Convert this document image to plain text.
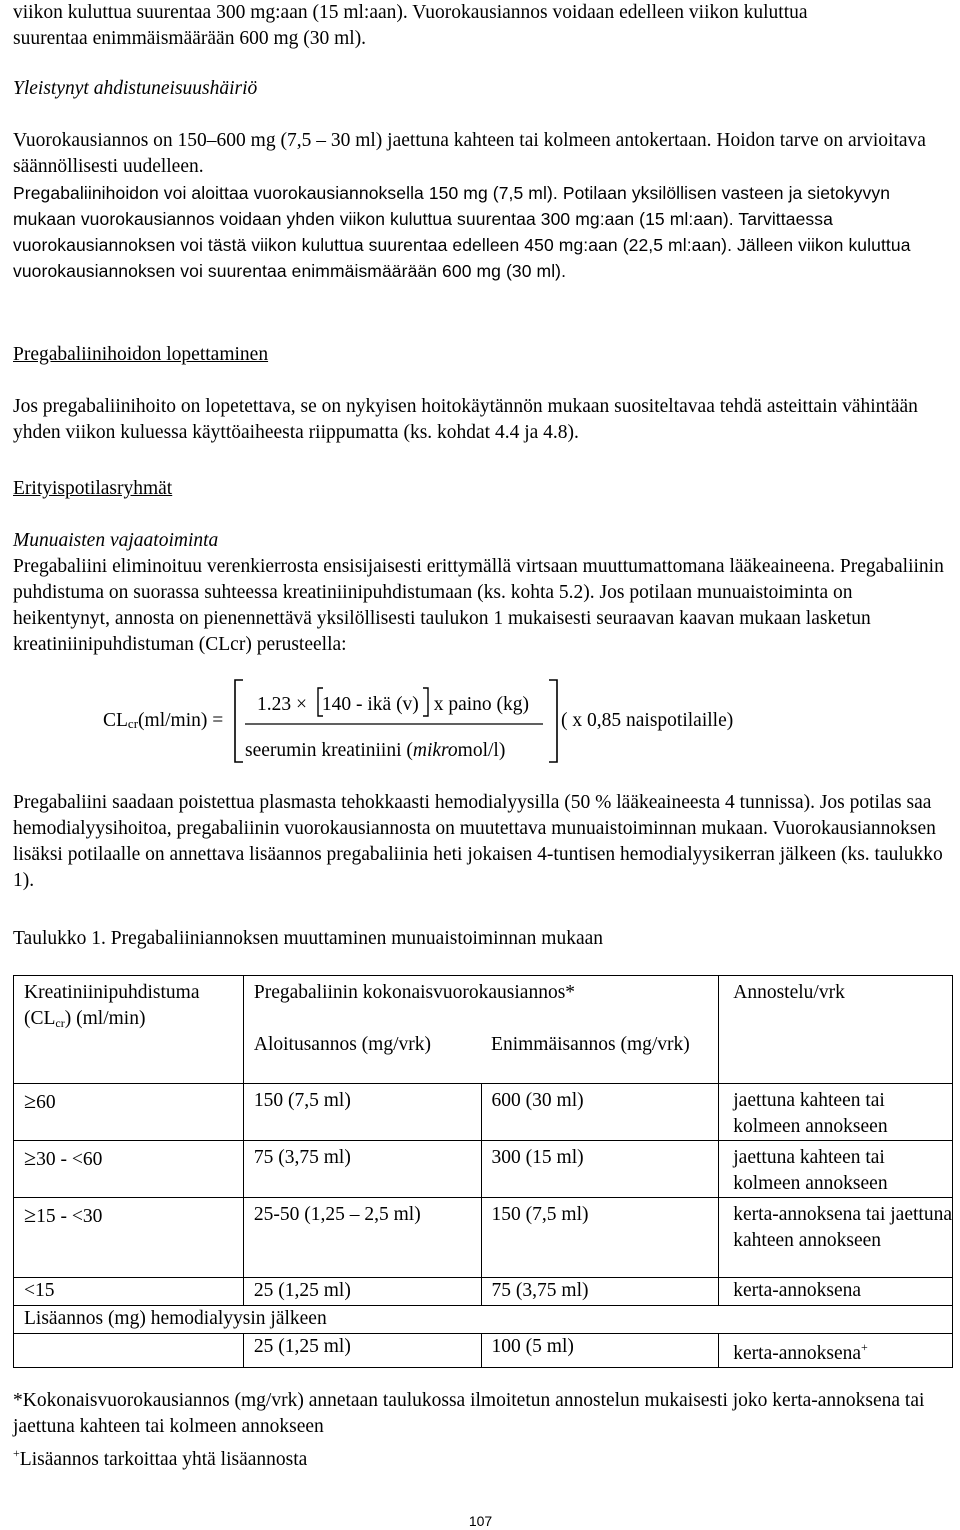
viikon kuluttua suurentaa 300 mg:aan (15 ml:aan). Vuorokausiannos voidaan edelleen viikon kuluttua

suurentaa enimmäismäärään 600 mg (30 ml).

Yleistynyt ahdistuneisuushäiriö

Vuorokausiannos on 150–600 mg (7,5 – 30 ml) jaettuna kahteen tai kolmeen antokertaan. Hoidon tarve on arvioitava säännöllisesti uudelleen.

Pregabaliinihoidon voi aloittaa vuorokausiannoksella 150 mg (7,5 ml). Potilaan yksilöllisen vasteen ja sietokyvyn mukaan vuorokausiannos voidaan yhden viikon kuluttua suurentaa 300 mg:aan (15 ml:aan). Tarvittaessa vuorokausiannoksen voi tästä viikon kuluttua suurentaa edelleen 450 mg:aan (22,5 ml:aan). Jälleen viikon kuluttua vuorokausiannoksen voi suurentaa enimmäismäärään 600 mg (30 ml).

Pregabaliinihoidon lopettaminen

Jos pregabaliinihoito on lopetettava, se on nykyisen hoitokäytännön mukaan suositeltavaa tehdä asteittain vähintään yhden viikon kuluessa käyttöaiheesta riippumatta (ks. kohdat 4.4 ja 4.8).

Erityispotilasryhmät

Munuaisten vajaatoiminta

Pregabaliini eliminoituu verenkierrosta ensisijaisesti erittymällä virtsaan muuttumattomana lääkeaineena. Pregabaliinin puhdistuma on suorassa suhteessa kreatiniinipuhdistumaan (ks. kohta 5.2). Jos potilaan munuaistoiminta on heikentynyt, annosta on pienennettävä yksilöllisesti taulukon 1 mukaisesti seuraavan kaavan mukaan lasketun kreatiniinipuhdistuman (CLcr) perusteella:

CLcr(ml/min) =
1.23 × 140 - ikä (v) x paino (kg)
seerumin kreatiniini (mikromol/l)
( x 0,85 naispotilaille)

Pregabaliini saadaan poistettua plasmasta tehokkaasti hemodialyysilla (50 % lääkeaineesta 4 tunnissa). Jos potilas saa hemodialyysihoitoa, pregabaliinin vuorokausiannosta on muutettava munuaistoiminnan mukaan. Vuorokausiannoksen lisäksi potilaalle on annettava lisäannos pregabaliinia heti jokaisen 4-tuntisen hemodialyysikerran jälkeen (ks. taulukko 1).

Taulukko 1. Pregabaliiniannoksen muuttaminen munuaistoiminnan mukaan

Kreatiniinipuhdistuma
$(CL_{cr})$ (ml/min)	Pregabaliinin kokonaisvuorokausiannos*		Annostelu/vrk

	Aloitusannos (mg/vrk)	Enimmäisannos (mg/vrk)	

≥60	150 (7,5 ml)	600 (30 ml)	jaettuna kahteen tai kolmeen annokseen

≥30 - <60	75 (3,75 ml)	300 (15 ml)	jaettuna kahteen tai kolmeen annokseen

≥15 - <30	25-50 (1,25 – 2,5 ml)	150 (7,5 ml)	kerta-annoksena tai jaettuna kahteen annokseen

<15	25 (1,25 ml)	75 (3,75 ml)	kerta-annoksena

Lisäannos (mg) hemodialyysin jälkeen			

	25 (1,25 ml)	100 (5 ml)	kerta-annoksena+

*Kokonaisvuorokausiannos (mg/vrk) annetaan taulukossa ilmoitetun annostelun mukaisesti joko kerta-annoksena tai jaettuna kahteen tai kolmeen annokseen

+Lisäannos tarkoittaa yhtä lisäannosta

107
